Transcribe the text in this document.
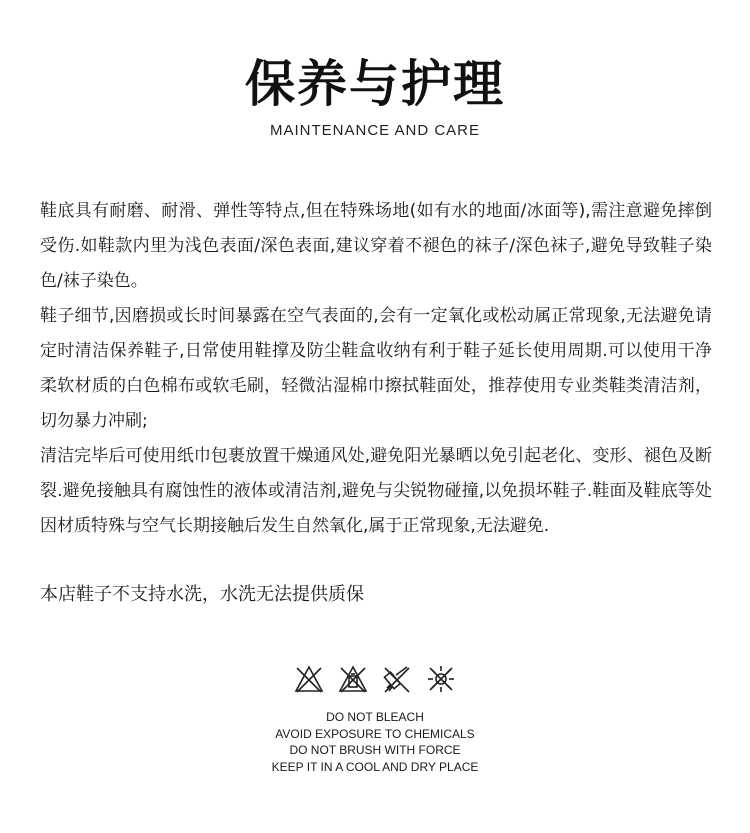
保养与护理
MAINTENANCE AND CARE

鞋底具有耐磨、耐滑、弹性等特点,但在特殊场地(如有水的地面/冰面等),需注意避免摔倒受伤.如鞋款内里为浅色表面/深色表面,建议穿着不褪色的袜子/深色袜子,避免导致鞋子染色/袜子染色。

鞋子细节,因磨损或长时间暴露在空气表面的,会有一定氧化或松动属正常现象,无法避免请定时清洁保养鞋子,日常使用鞋撑及防尘鞋盒收纳有利于鞋子延长使用周期.可以使用干净柔软材质的白色棉布或软毛刷，轻微沾湿棉巾擦拭鞋面处，推荐使用专业类鞋类清洁剂，切勿暴力冲刷;

清洁完毕后可使用纸巾包裹放置干燥通风处,避免阳光暴晒以免引起老化、变形、褪色及断裂.避免接触具有腐蚀性的液体或清洁剂,避免与尖锐物碰撞,以免损坏鞋子.鞋面及鞋底等处因材质特殊与空气长期接触后发生自然氧化,属于正常现象,无法避免.

本店鞋子不支持水洗，水洗无法提供质保
DO NOT BLEACH
AVOID EXPOSURE TO CHEMICALS
DO NOT BRUSH WITH FORCE
KEEP IT IN A COOL AND DRY PLACE
